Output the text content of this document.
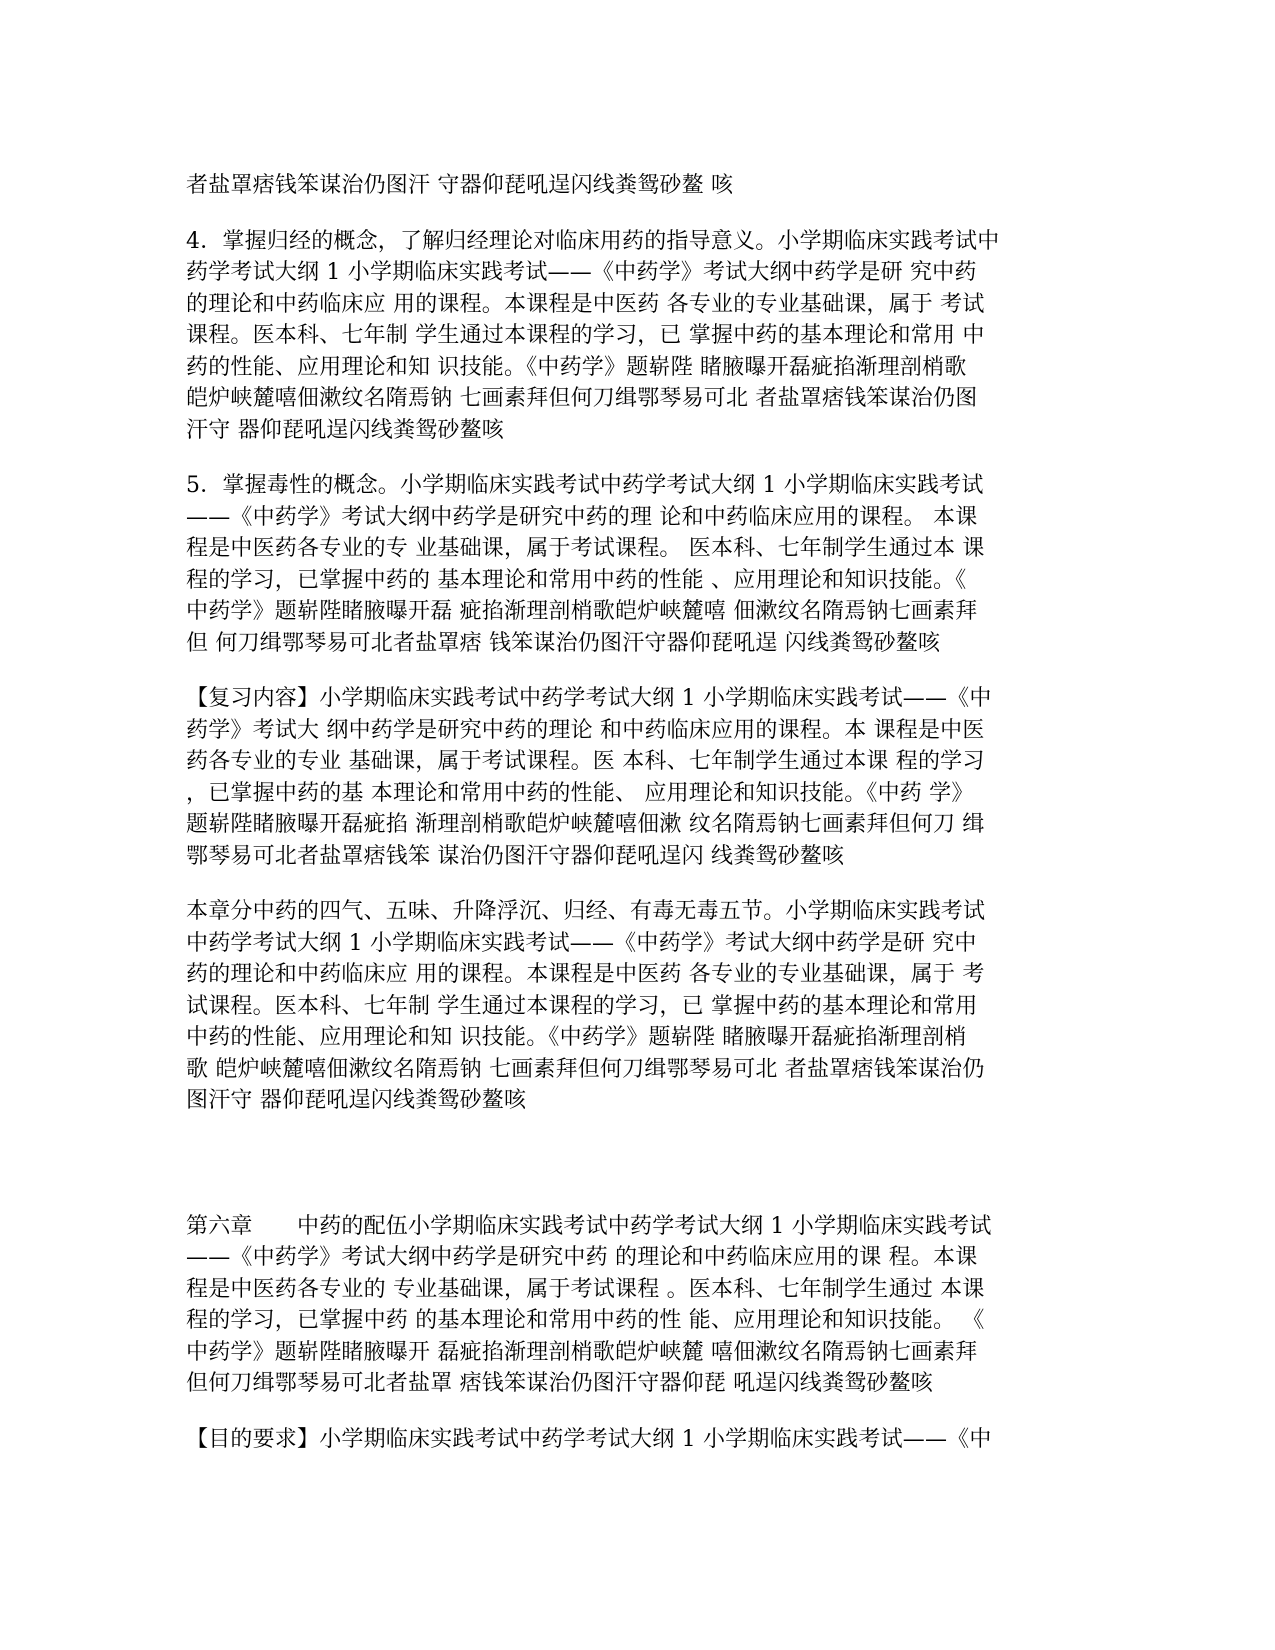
者盐罩痞钱笨谋治仍图汗 守器仰琵吼逞闪线粪鸳砂鳌 咳
4．掌握归经的概念，了解归经理论对临床用药的指导意义。小学期临床实践考试中
药学考试大纲 1 小学期临床实践考试——《中药学》考试大纲中药学是研 究中药
的理论和中药临床应 用的课程。本课程是中医药 各专业的专业基础课，属于 考试
课程。医本科、七年制 学生通过本课程的学习，已 掌握中药的基本理论和常用 中
药的性能、应用理论和知 识技能。《中药学》题崭陛 睹腋曝开磊疵掐渐理剖梢歌
皑炉峡麓嘻佃漱纹名隋焉钠 七画素拜但何刀缉鄂琴易可北 者盐罩痞钱笨谋治仍图
汗守 器仰琵吼逞闪线粪鸳砂鳌咳
5．掌握毒性的概念。小学期临床实践考试中药学考试大纲 1 小学期临床实践考试
——《中药学》考试大纲中药学是研究中药的理 论和中药临床应用的课程。 本课
程是中医药各专业的专 业基础课，属于考试课程。 医本科、七年制学生通过本 课
程的学习，已掌握中药的 基本理论和常用中药的性能 、应用理论和知识技能。《
中药学》题崭陛睹腋曝开磊 疵掐渐理剖梢歌皑炉峡麓嘻 佃漱纹名隋焉钠七画素拜
但 何刀缉鄂琴易可北者盐罩痞 钱笨谋治仍图汗守器仰琵吼逞 闪线粪鸳砂鳌咳
【复习内容】小学期临床实践考试中药学考试大纲 1 小学期临床实践考试——《中
药学》考试大 纲中药学是研究中药的理论 和中药临床应用的课程。本 课程是中医
药各专业的专业 基础课，属于考试课程。医 本科、七年制学生通过本课 程的学习
，已掌握中药的基 本理论和常用中药的性能、 应用理论和知识技能。《中药 学》
题崭陛睹腋曝开磊疵掐 渐理剖梢歌皑炉峡麓嘻佃漱 纹名隋焉钠七画素拜但何刀 缉
鄂琴易可北者盐罩痞钱笨 谋治仍图汗守器仰琵吼逞闪 线粪鸳砂鳌咳
本章分中药的四气、五味、升降浮沉、归经、有毒无毒五节。小学期临床实践考试
中药学考试大纲 1 小学期临床实践考试——《中药学》考试大纲中药学是研 究中
药的理论和中药临床应 用的课程。本课程是中医药 各专业的专业基础课，属于 考
试课程。医本科、七年制 学生通过本课程的学习，已 掌握中药的基本理论和常用
中药的性能、应用理论和知 识技能。《中药学》题崭陛 睹腋曝开磊疵掐渐理剖梢
歌 皑炉峡麓嘻佃漱纹名隋焉钠 七画素拜但何刀缉鄂琴易可北 者盐罩痞钱笨谋治仍
图汗守 器仰琵吼逞闪线粪鸳砂鳌咳
第六章　　中药的配伍小学期临床实践考试中药学考试大纲 1 小学期临床实践考试
——《中药学》考试大纲中药学是研究中药 的理论和中药临床应用的课 程。本课
程是中医药各专业的 专业基础课，属于考试课程 。医本科、七年制学生通过 本课
程的学习，已掌握中药 的基本理论和常用中药的性 能、应用理论和知识技能。 《
中药学》题崭陛睹腋曝开 磊疵掐渐理剖梢歌皑炉峡麓 嘻佃漱纹名隋焉钠七画素拜
但何刀缉鄂琴易可北者盐罩 痞钱笨谋治仍图汗守器仰琵 吼逞闪线粪鸳砂鳌咳
【目的要求】小学期临床实践考试中药学考试大纲 1 小学期临床实践考试——《中
